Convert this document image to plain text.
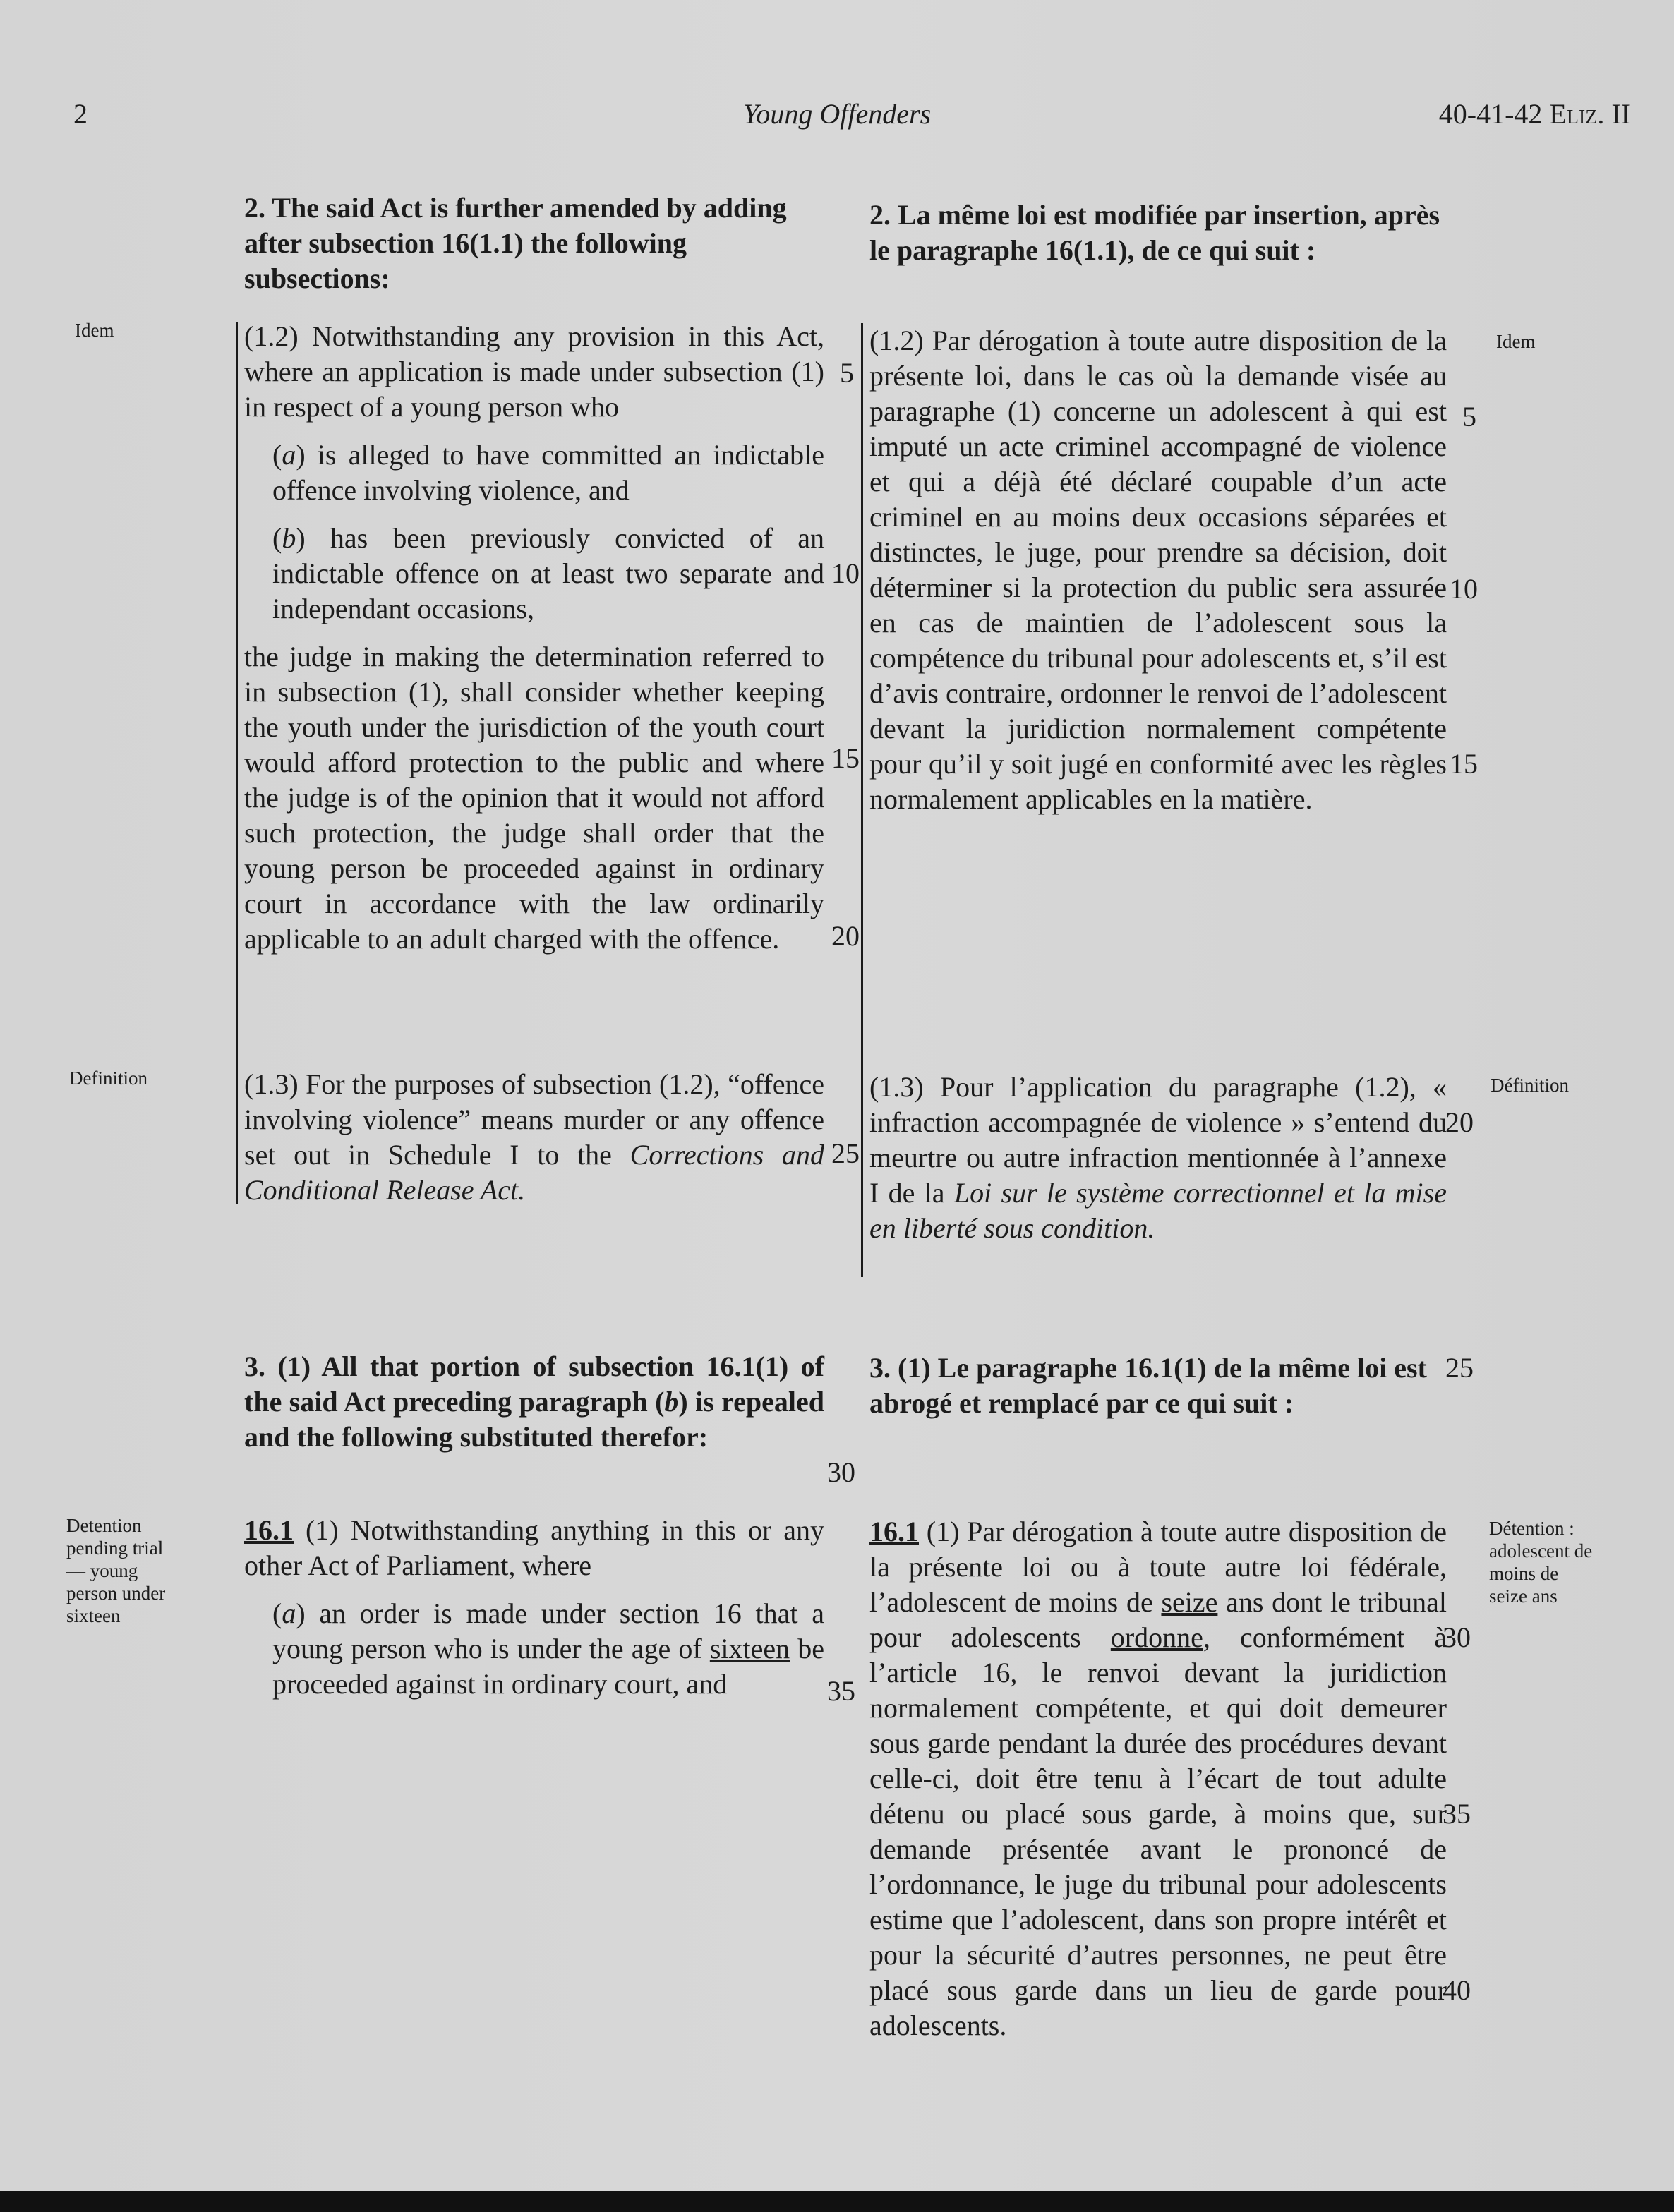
2	Young Offenders	40-41-42 Eliz. II
2. The said Act is further amended by adding after subsection 16(1.1) the following subsections:
2. La même loi est modifiée par insertion, après le paragraphe 16(1.1), de ce qui suit :
Idem
Idem
Definition	Définition
Detention
pending trial
— young
person under
sixteen
Détention :
adolescent de
moins de
seize ans

(1.2) Notwithstanding any provision in this Act, where an application is made under subsection (1) in respect of a young person who

(a) is alleged to have committed an indictable offence involving violence, and

(b) has been previously convicted of an indictable offence on at least two separate and independant occasions,

the judge in making the determination referred to in subsection (1), shall consider whether keeping the youth under the jurisdiction of the youth court would afford protection to the public and where the judge is of the opinion that it would not afford such protection, the judge shall order that the young person be proceeded against in ordinary court in accordance with the law ordinarily applicable to an adult charged with the offence.

(1.2) Par dérogation à toute autre disposition de la présente loi, dans le cas où la demande visée au paragraphe (1) concerne un adolescent à qui est imputé un acte criminel accompagné de violence et qui a déjà été déclaré coupable d’un acte criminel en au moins deux occasions séparées et distinctes, le juge, pour prendre sa décision, doit déterminer si la protection du public sera assurée en cas de maintien de l’adolescent sous la compétence du tribunal pour adolescents et, s’il est d’avis contraire, ordonner le renvoi de l’adolescent devant la juridiction normalement compétente pour qu’il y soit jugé en conformité avec les règles normalement applicables en la matière.

(1.3) For the purposes of subsection (1.2), “offence involving violence” means murder or any offence set out in Schedule I to the Corrections and Conditional Release Act.

(1.3) Pour l’application du paragraphe (1.2), « infraction accompagnée de violence » s’entend du meurtre ou autre infraction mentionnée à l’annexe I de la Loi sur le système correctionnel et la mise en liberté sous condition.

3. (1) All that portion of subsection 16.1(1) of the said Act preceding paragraph (b) is repealed and the following substituted therefor:
3. (1) Le paragraphe 16.1(1) de la même loi est abrogé et remplacé par ce qui suit :

16.1 (1) Notwithstanding anything in this or any other Act of Parliament, where

(a) an order is made under section 16 that a young person who is under the age of sixteen be proceeded against in ordinary court, and

16.1 (1) Par dérogation à toute autre disposition de la présente loi ou à toute autre loi fédérale, l’adolescent de moins de seize ans dont le tribunal pour adolescents ordonne, conformément à l’article 16, le renvoi devant la juridiction normalement compétente, et qui doit demeurer sous garde pendant la durée des procédures devant celle-ci, doit être tenu à l’écart de tout adulte détenu ou placé sous garde, à moins que, sur demande présentée avant le prononcé de l’ordonnance, le juge du tribunal pour adolescents estime que l’adolescent, dans son propre intérêt et pour la sécurité d’autres personnes, ne peut être placé sous garde dans un lieu de garde pour adolescents.

5
10
15
20
25
30
35
5
10
15
20
25
30
35
40
